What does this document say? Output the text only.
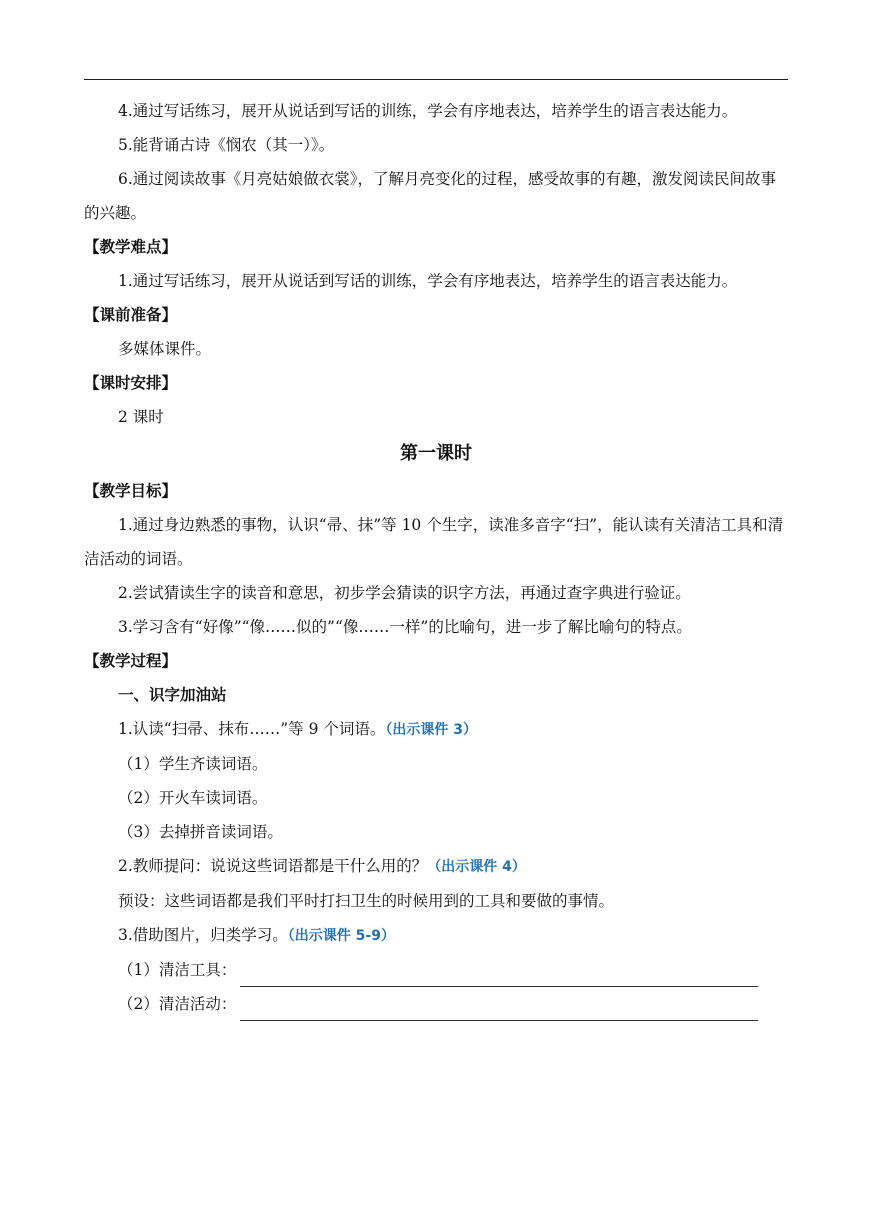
4.通过写话练习，展开从说话到写话的训练，学会有序地表达，培养学生的语言表达能力。

5.能背诵古诗《悯农（其一）》。

6.通过阅读故事《月亮姑娘做衣裳》，了解月亮变化的过程，感受故事的有趣，激发阅读民间故事的兴趣。

【教学难点】

1.通过写话练习，展开从说话到写话的训练，学会有序地表达，培养学生的语言表达能力。

【课前准备】

多媒体课件。

【课时安排】

2 课时

第一课时

【教学目标】

1.通过身边熟悉的事物，认识“帚、抹”等 10 个生字，读准多音字“扫”，能认读有关清洁工具和清洁活动的词语。

2.尝试猜读生字的读音和意思，初步学会猜读的识字方法，再通过查字典进行验证。

3.学习含有“好像”“像……似的”“像……一样”的比喻句，进一步了解比喻句的特点。

【教学过程】

一、识字加油站

1.认读“扫帚、抹布……”等 9 个词语。（出示课件 3）

（1）学生齐读词语。

（2）开火车读词语。

（3）去掉拼音读词语。

2.教师提问：说说这些词语都是干什么用的？（出示课件 4）

预设：这些词语都是我们平时打扫卫生的时候用到的工具和要做的事情。

3.借助图片，归类学习。（出示课件 5-9）

（1）清洁工具：
（2）清洁活动：
